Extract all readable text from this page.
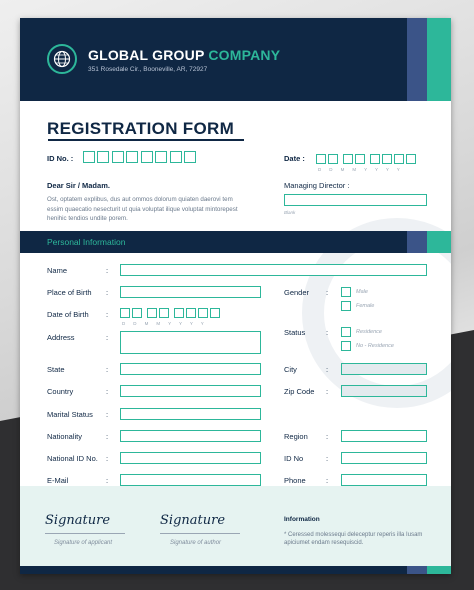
GLOBAL GROUP COMPANY
351 Rosedale Cir., Booneville, AR, 72927
REGISTRATION FORM
ID No. :	Date :
D D M M Y Y Y Y
Dear Sir / Madam.
Ost, optatem explibus, dus aut ommos dolorum quiaten daerovi tem essim quaecatio nesecturit ut quia voluptat ilique voluptat mintorepest henihic tendios undite porem.
Managing Director :
Blank
Personal Information
Name	:
Place of Birth :	Gender :	Male
Female
Date of Birth :
D D M M Y Y Y Y
Address	:
Status	:	Residence
No - Residence
State	:	City	:
Country	:	Zip Code :
Marital Status :
Nationality	:	Region :
National ID No. :	ID No	:
E-Mail	:	Phone	:
Signature
Signature of applicant
Signature
Signature of author
Information
* Ceressed molessequi deleceptur reperis illa Iusam apiciumet endam resequiscid.
